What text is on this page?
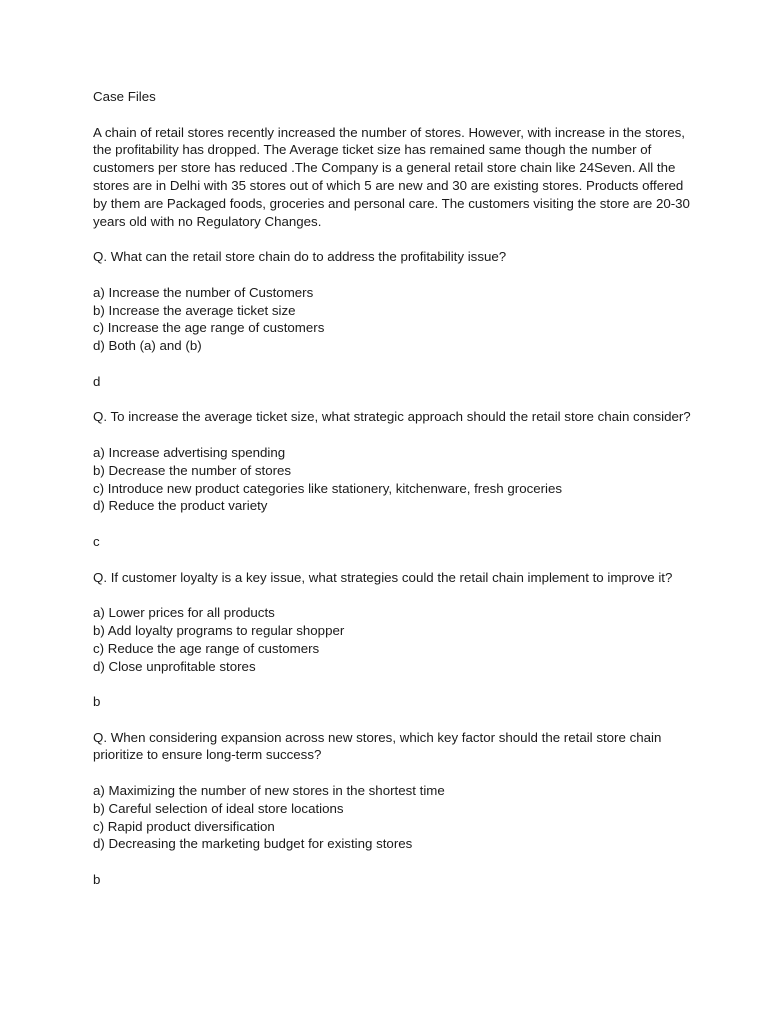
Case Files
A chain of retail stores recently increased the number of stores. However, with increase in the stores, the profitability has dropped. The Average ticket size has remained same though the number of customers per store has reduced .The Company is a general retail store chain like 24Seven. All the stores are in Delhi with 35 stores out of which 5 are new and 30 are existing stores. Products offered by them are Packaged foods, groceries and personal care. The customers visiting the store are 20-30 years old with no Regulatory Changes.
Q. What can the retail store chain do to address the profitability issue?
a) Increase the number of Customers
b) Increase the average ticket size
c) Increase the age range of customers
d) Both (a) and (b)
d
Q. To increase the average ticket size, what strategic approach should the retail store chain consider?
a) Increase advertising spending
b) Decrease the number of stores
c) Introduce new product categories like stationery, kitchenware, fresh groceries
d) Reduce the product variety
c
Q. If customer loyalty is a key issue, what strategies could the retail chain implement to improve it?
a) Lower prices for all products
b) Add loyalty programs to regular shopper
c) Reduce the age range of customers
d) Close unprofitable stores
b
Q. When considering expansion across new stores, which key factor should the retail store chain prioritize to ensure long-term success?
a) Maximizing the number of new stores in the shortest time
b) Careful selection of ideal store locations
c) Rapid product diversification
d) Decreasing the marketing budget for existing stores
b
